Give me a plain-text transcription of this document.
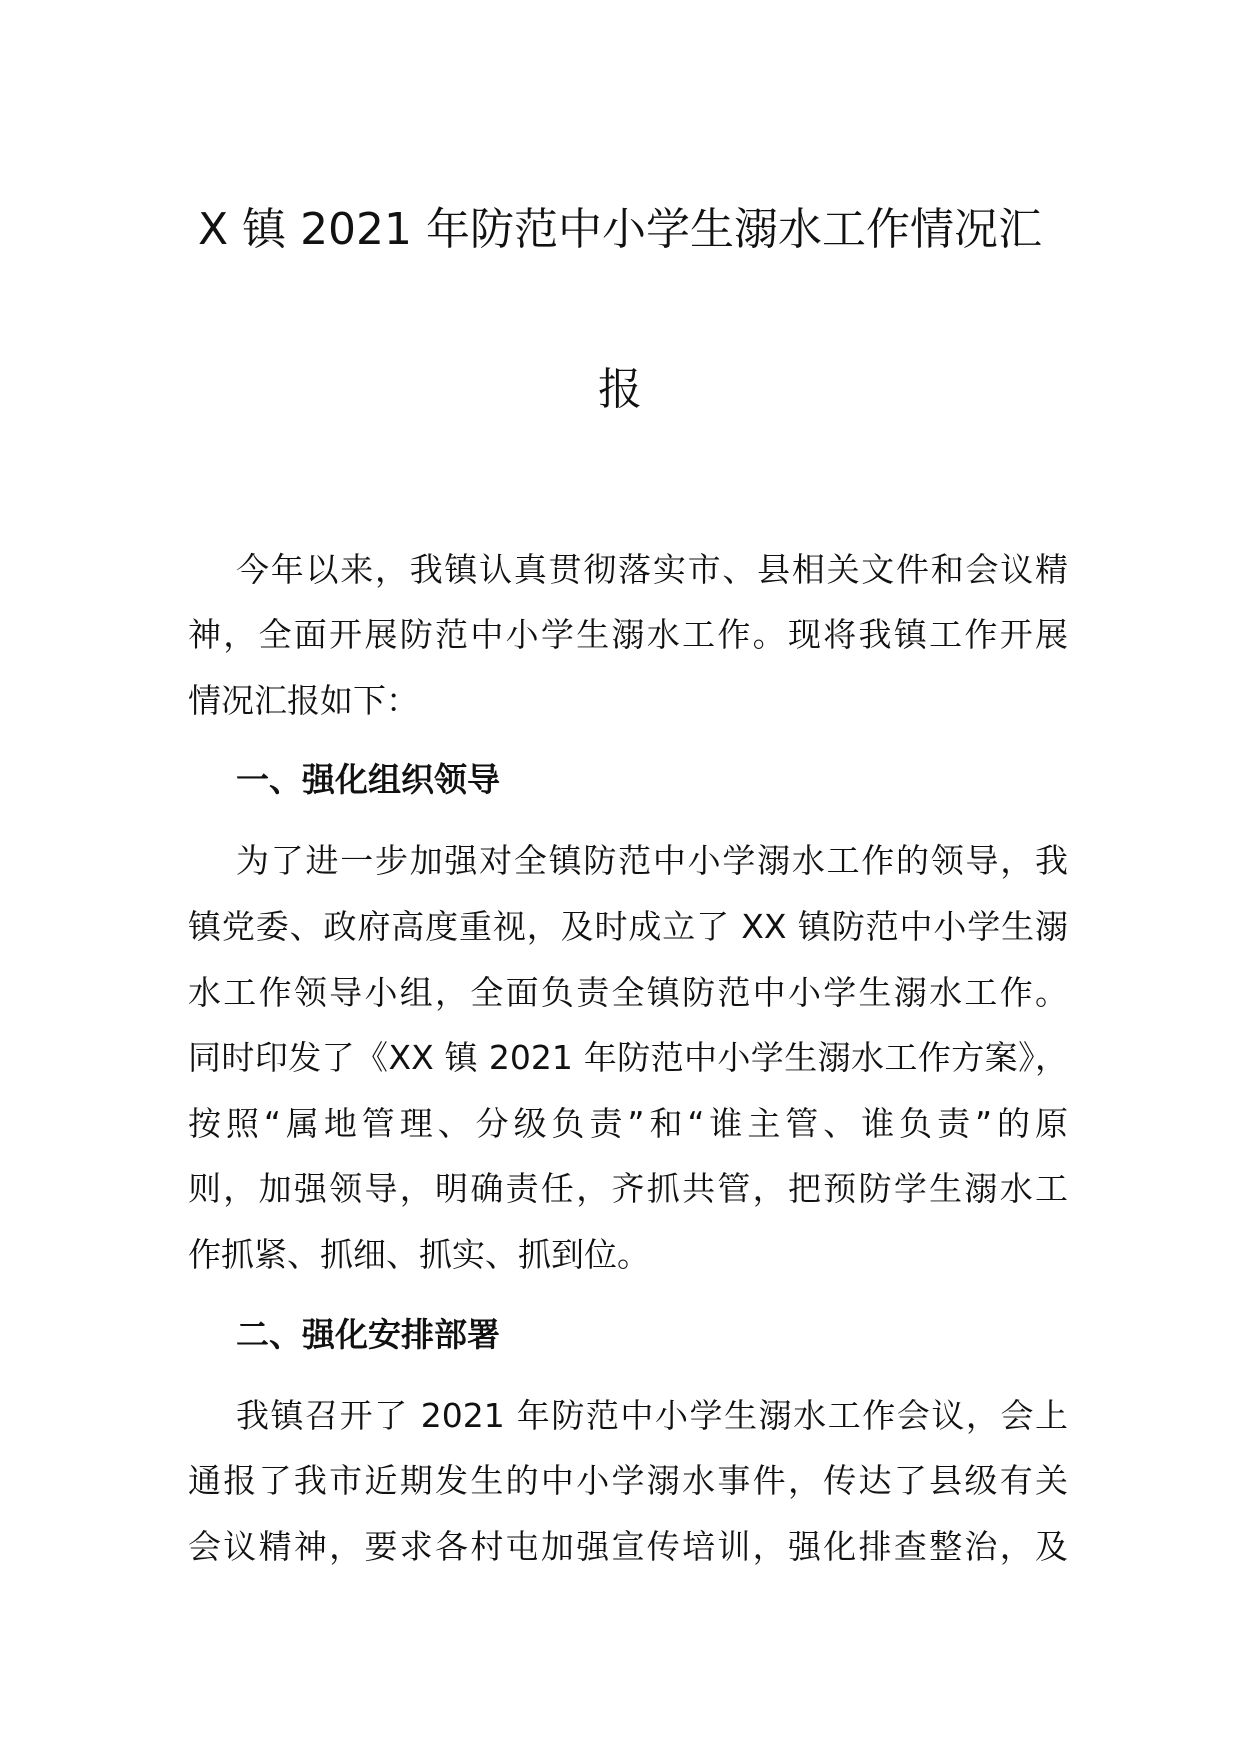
X 镇 2021 年防范中小学生溺水工作情况汇
报

今年以来，我镇认真贯彻落实市、县相关文件和会议精

神，全面开展防范中小学生溺水工作。现将我镇工作开展

情况汇报如下：

一、强化组织领导

为了进一步加强对全镇防范中小学溺水工作的领导，我

镇党委、政府高度重视，及时成立了 XX 镇防范中小学生溺

水工作领导小组，全面负责全镇防范中小学生溺水工作。

同时印发了《XX 镇 2021 年防范中小学生溺水工作方案》，

按照“属地管理、分级负责”和“谁主管、谁负责”的原

则，加强领导，明确责任，齐抓共管，把预防学生溺水工

作抓紧、抓细、抓实、抓到位。

二、强化安排部署

我镇召开了 2021 年防范中小学生溺水工作会议，会上

通报了我市近期发生的中小学溺水事件，传达了县级有关

会议精神，要求各村屯加强宣传培训，强化排查整治，及
